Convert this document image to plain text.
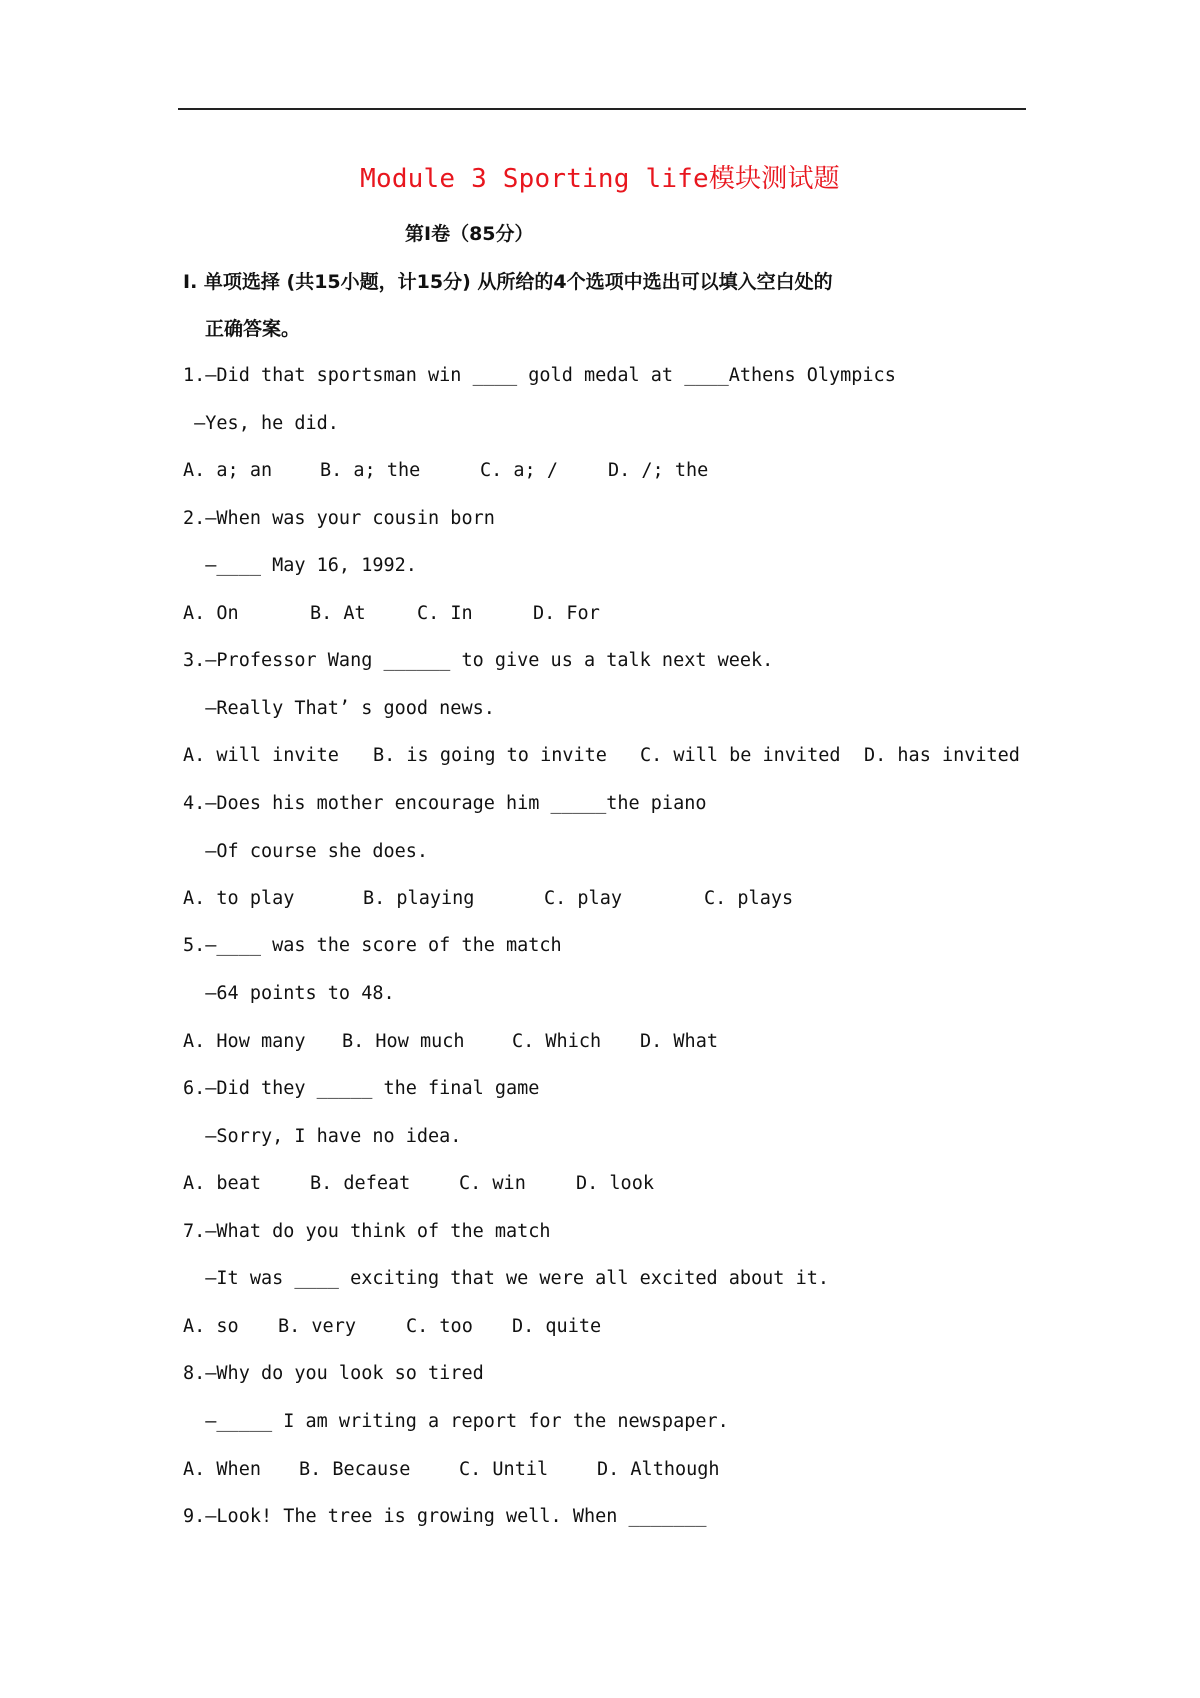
Module 3 Sporting life模块测试题
第Ⅰ卷（85分）
I. 单项选择 (共15小题，计15分) 从所给的4个选项中选出可以填入空白处的
正确答案。
1.—Did that sportsman win ____ gold medal at ____Athens Olympics
—Yes, he did.
A. a; an	B. a; the	C. a; /	D. /; the
2.—When was your cousin born
—____ May 16, 1992.
A. On	B. At	C. In	D. For
3.—Professor Wang ______ to give us a talk next week.
—Really That’ s good news.
A. will invite B. is going to invite C. will be invited D. has invited
4.—Does his mother encourage him _____the piano
—Of course she does.
A. to play	B. playing	C. play	C. plays
5.—____ was the score of the match
—64 points to 48.
A. How many B. How much	C. Which D. What
6.—Did they _____ the final game
—Sorry, I have no idea.
A. beat	B. defeat	C. win	D. look
7.—What do you think of the match
—It was ____ exciting that we were all excited about it.
A. so B. very	C. too D. quite
8.—Why do you look so tired
—_____ I am writing a report for the newspaper.
A. When B. Because	C. Until	D. Although
9.—Look! The tree is growing well. When _______
